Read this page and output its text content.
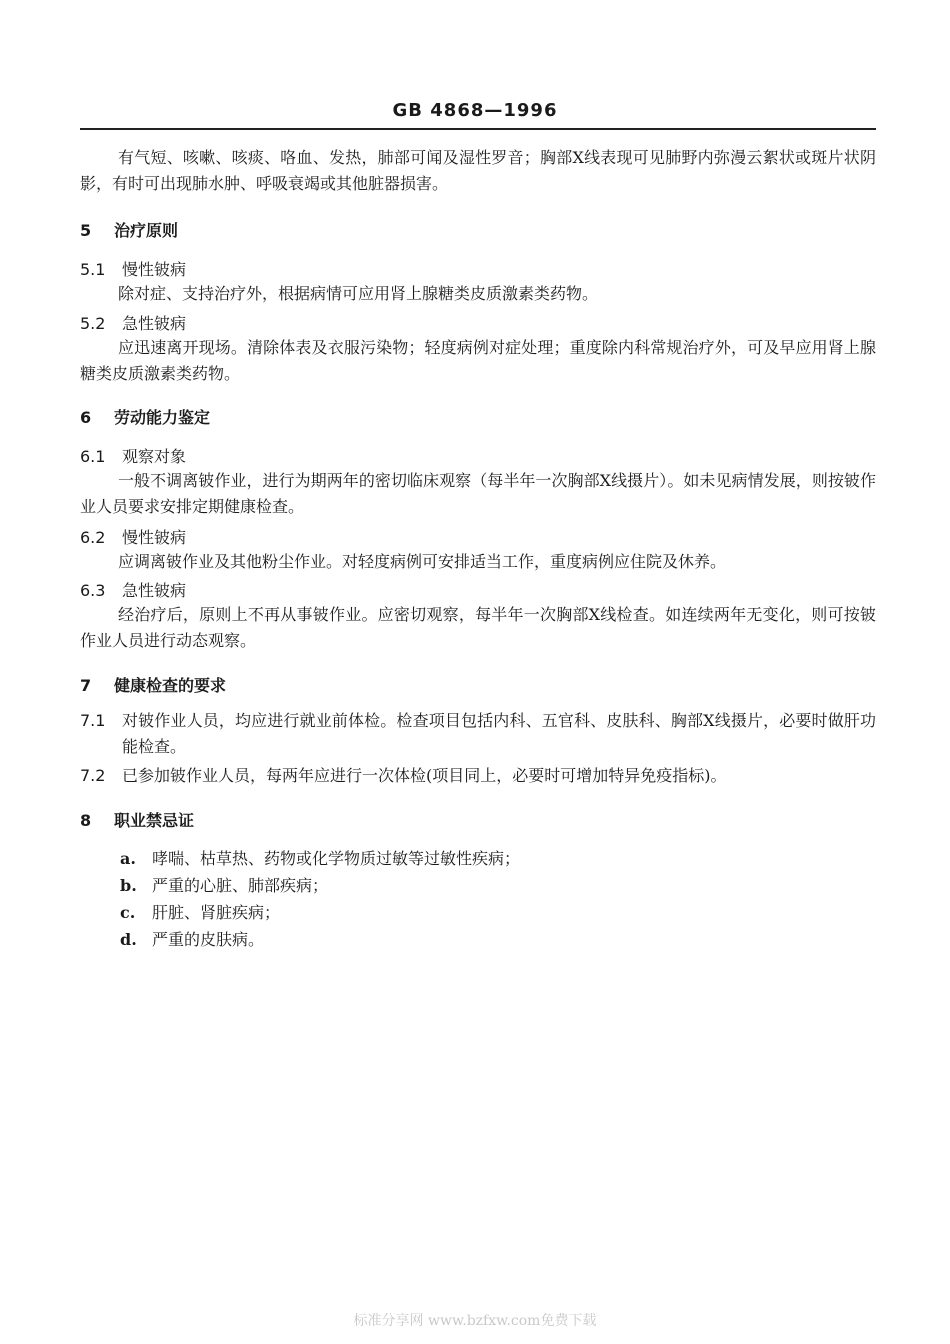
GB 4868—1996
有气短、咳嗽、咳痰、咯血、发热，肺部可闻及湿性罗音；胸部X线表现可见肺野内弥漫云絮状或斑片状阴影，有时可出现肺水肿、呼吸衰竭或其他脏器损害。
5 治疗原则
5.1 慢性铍病
除对症、支持治疗外，根据病情可应用肾上腺糖类皮质激素类药物。
5.2 急性铍病
应迅速离开现场。清除体表及衣服污染物；轻度病例对症处理；重度除内科常规治疗外，可及早应用肾上腺糖类皮质激素类药物。
6 劳动能力鉴定
6.1 观察对象
一般不调离铍作业，进行为期两年的密切临床观察（每半年一次胸部X线摄片）。如未见病情发展，则按铍作业人员要求安排定期健康检查。
6.2 慢性铍病
应调离铍作业及其他粉尘作业。对轻度病例可安排适当工作，重度病例应住院及休养。
6.3 急性铍病
经治疗后，原则上不再从事铍作业。应密切观察，每半年一次胸部X线检查。如连续两年无变化，则可按铍作业人员进行动态观察。
7 健康检查的要求
7.1 对铍作业人员，均应进行就业前体检。检查项目包括内科、五官科、皮肤科、胸部X线摄片，必要时做肝功能检查。
7.2 已参加铍作业人员，每两年应进行一次体检(项目同上，必要时可增加特异免疫指标)。
8 职业禁忌证
a. 哮喘、枯草热、药物或化学物质过敏等过敏性疾病；
b. 严重的心脏、肺部疾病；
c. 肝脏、肾脏疾病；
d. 严重的皮肤病。
标准分享网 www.bzfxw.com免费下载
